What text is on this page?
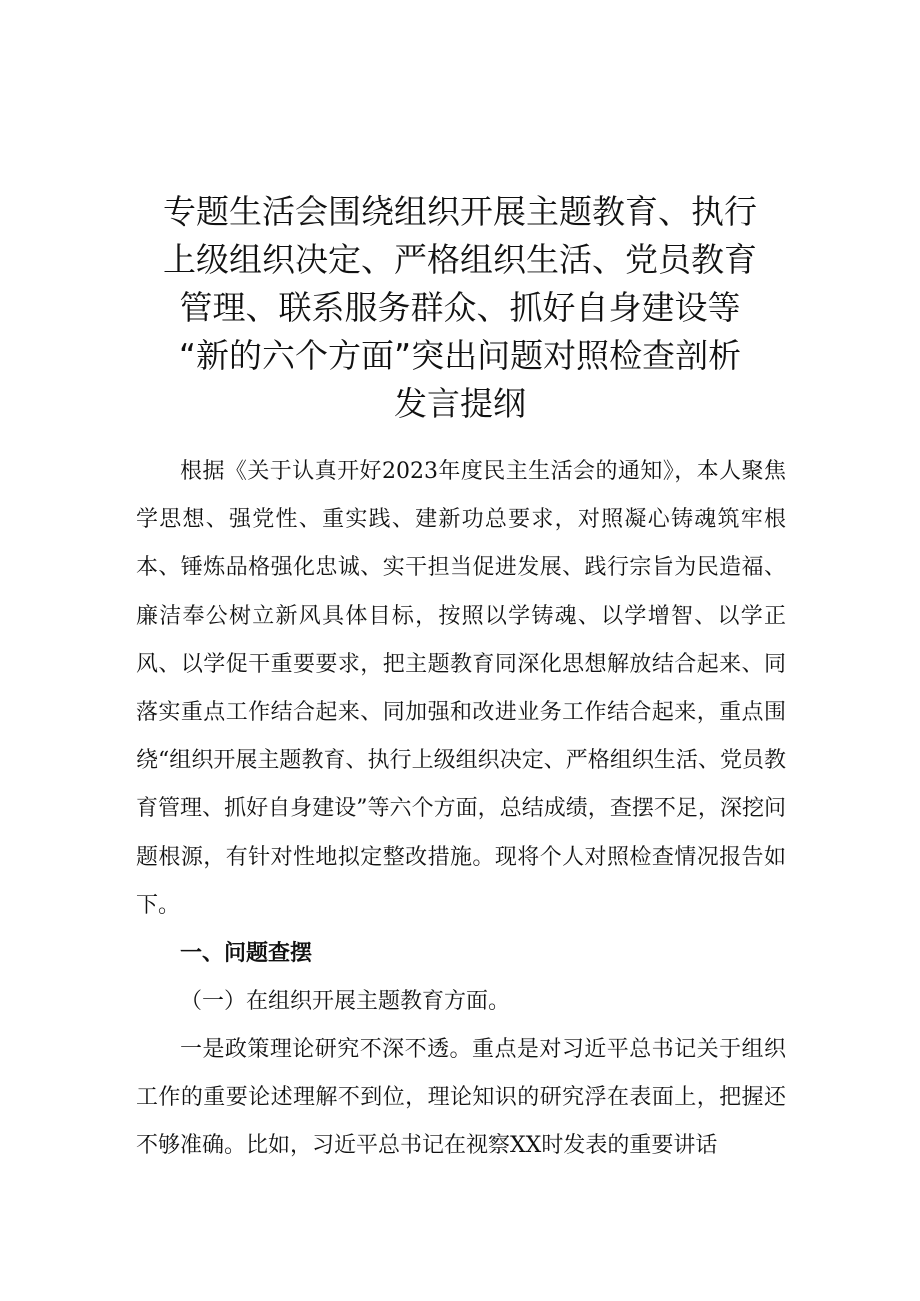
专题生活会围绕组织开展主题教育、执行
上级组织决定、严格组织生活、党员教育
管理、联系服务群众、抓好自身建设等
“新的六个方面”突出问题对照检查剖析
发言提纲

根据《关于认真开好2023年度民主生活会的通知》，本人聚焦学思想、强党性、重实践、建新功总要求，对照凝心铸魂筑牢根本、锤炼品格强化忠诚、实干担当促进发展、践行宗旨为民造福、廉洁奉公树立新风具体目标，按照以学铸魂、以学增智、以学正风、以学促干重要要求，把主题教育同深化思想解放结合起来、同落实重点工作结合起来、同加强和改进业务工作结合起来，重点围绕“组织开展主题教育、执行上级组织决定、严格组织生活、党员教育管理、抓好自身建设”等六个方面，总结成绩，查摆不足，深挖问题根源，有针对性地拟定整改措施。现将个人对照检查情况报告如下。

一、问题查摆

（一）在组织开展主题教育方面。

一是政策理论研究不深不透。重点是对习近平总书记关于组织工作的重要论述理解不到位，理论知识的研究浮在表面上，把握还不够准确。比如，习近平总书记在视察XX时发表的重要讲话
